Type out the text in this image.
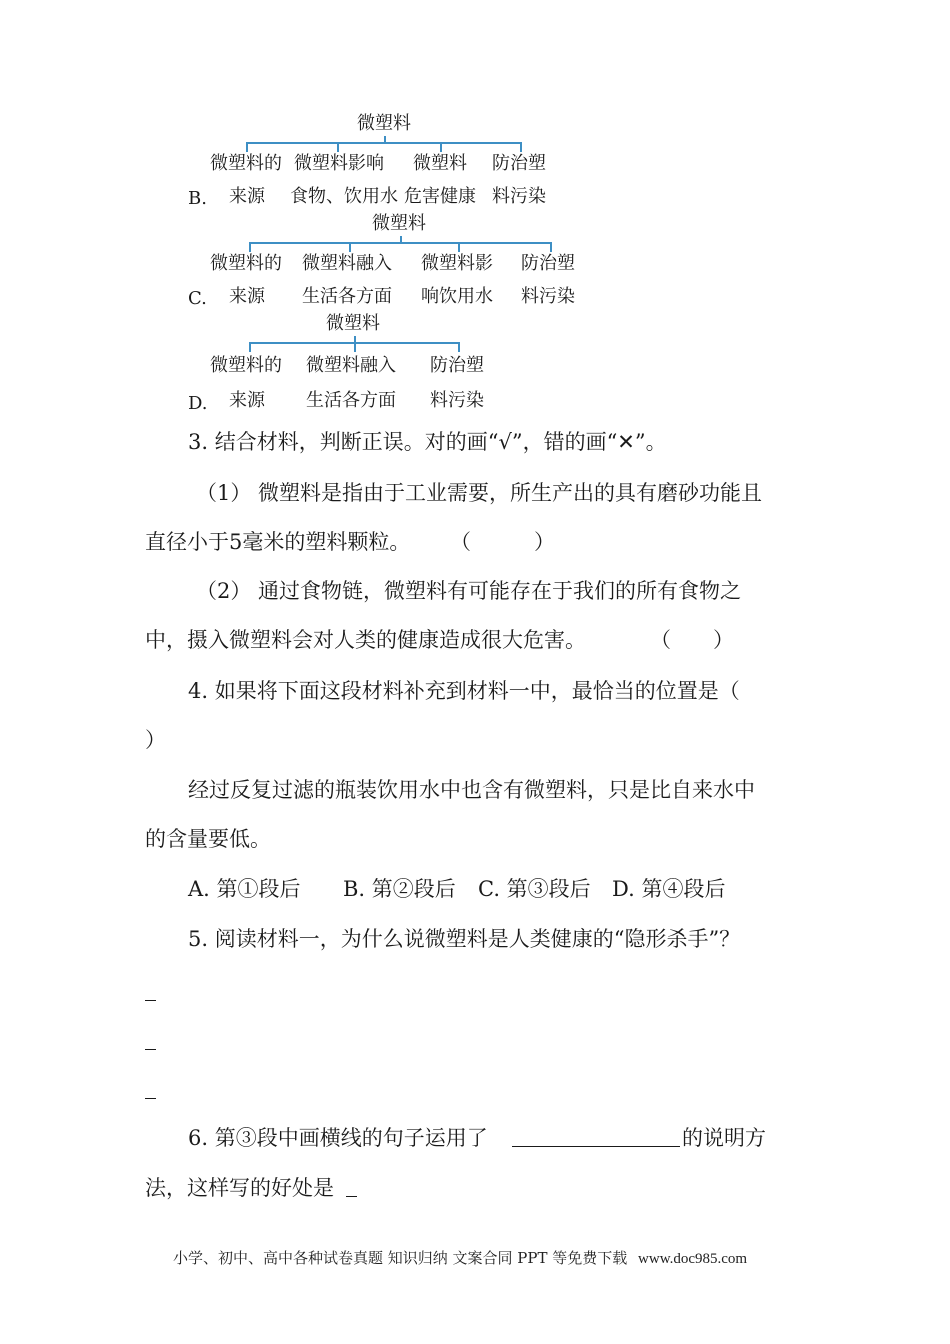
微塑料
微塑料的 微塑料影响 微塑料 防治塑
B. 来源 食物、饮用水 危害健康 料污染
微塑料
微塑料的 微塑料融入 微塑料影 防治塑
C. 来源 生活各方面 响饮用水 料污染
微塑料
微塑料的 微塑料融入 防治塑
D. 来源 生活各方面 料污染
3. 结合材料，判断正误。对的画“√”，错的画“✕”。
（1） 微塑料是指由于工业需要，所生产出的具有磨砂功能且
直径小于5毫米的塑料颗粒。 （　　　）
（2） 通过食物链，微塑料有可能存在于我们的所有食物之
中，摄入微塑料会对人类的健康造成很大危害。	（　　）
4. 如果将下面这段材料补充到材料一中，最恰当的位置是（
）
经过反复过滤的瓶装饮用水中也含有微塑料，只是比自来水中
的含量要低。
A. 第①段后 B. 第②段后 C. 第③段后 D. 第④段后
5. 阅读材料一，为什么说微塑料是人类健康的“隐形杀手”？
6. 第③段中画横线的句子运用了	的说明方
法，这样写的好处是
小学、初中、高中各种试卷真题 知识归纳 文案合同 PPT 等免费下载 www.doc985.com
